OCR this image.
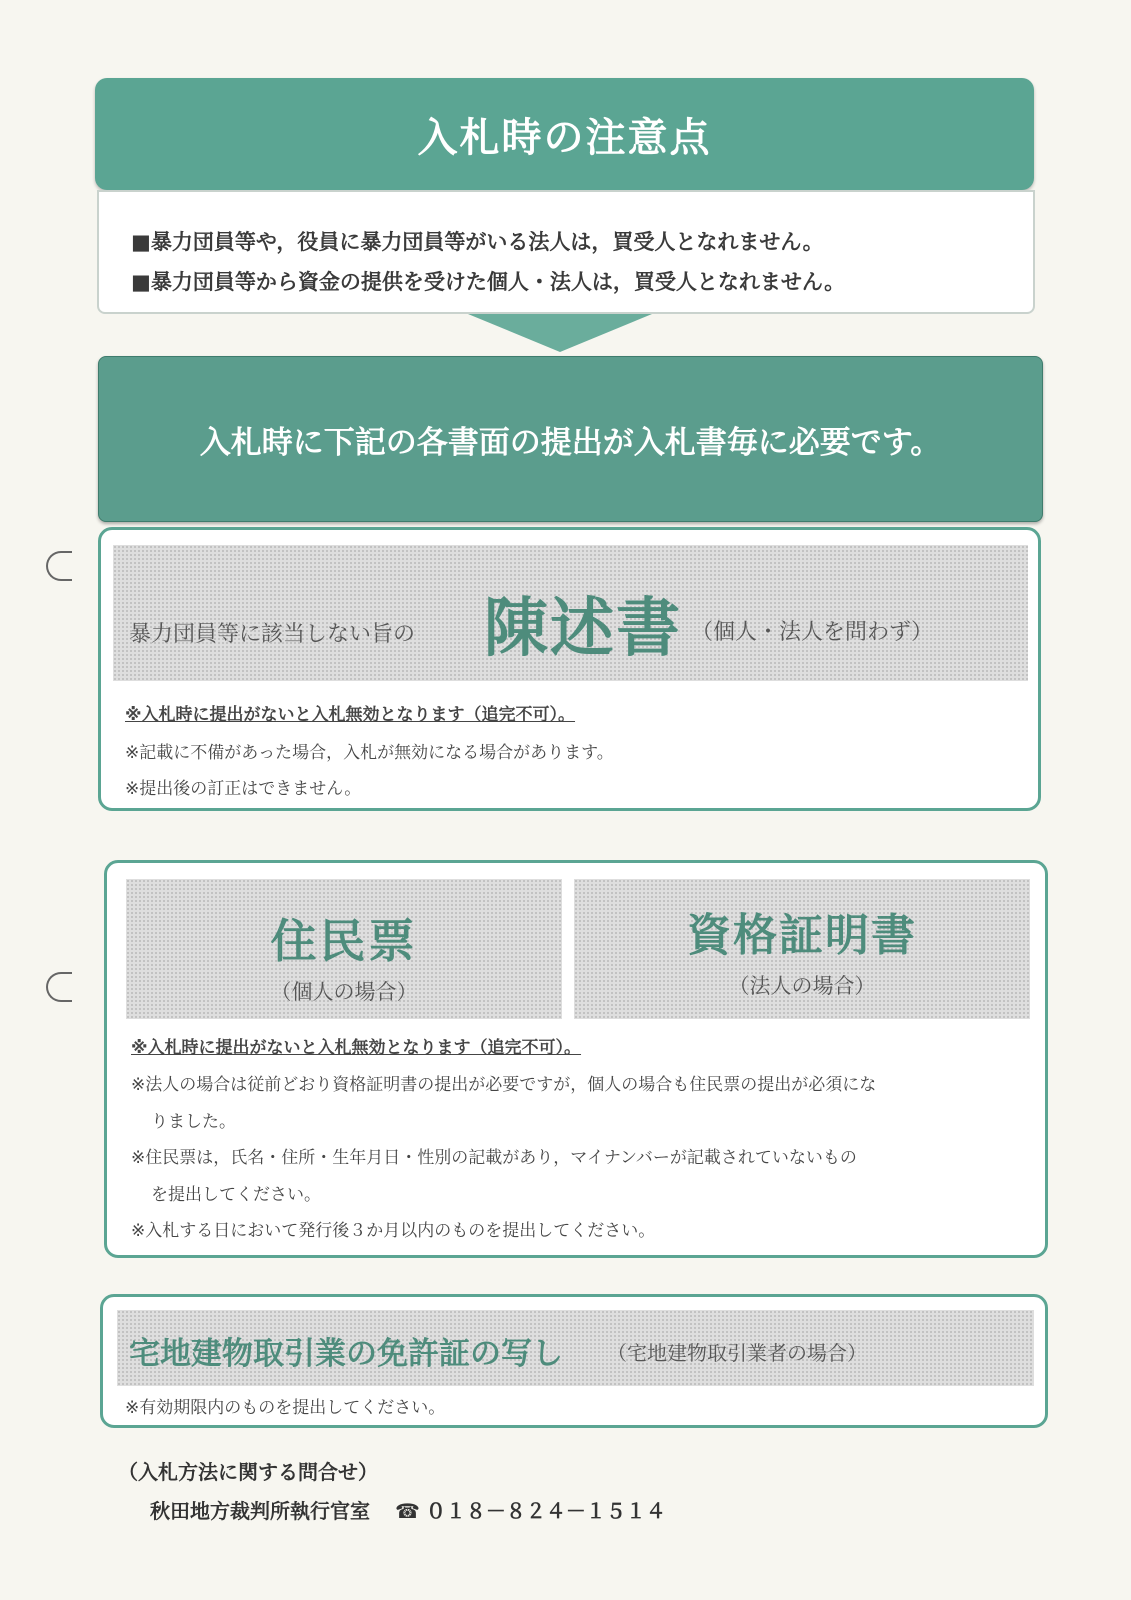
入札時の注意点
■暴力団員等や，役員に暴力団員等がいる法人は，買受人となれません。
■暴力団員等から資金の提供を受けた個人・法人は，買受人となれません。
入札時に下記の各書面の提出が入札書毎に必要です。
暴力団員等に該当しない旨の 陳述書 （個人・法人を問わず）
※入札時に提出がないと入札無効となります（追完不可）。
※記載に不備があった場合，入札が無効になる場合があります。
※提出後の訂正はできません。
住民票
（個人の場合）
資格証明書
（法人の場合）
※入札時に提出がないと入札無効となります（追完不可）。
※法人の場合は従前どおり資格証明書の提出が必要ですが，個人の場合も住民票の提出が必須にな
りました。
※住民票は，氏名・住所・生年月日・性別の記載があり，マイナンバーが記載されていないもの
を提出してください。
※入札する日において発行後３か月以内のものを提出してください。
宅地建物取引業の免許証の写し （宅地建物取引業者の場合）
※有効期限内のものを提出してください。
（入札方法に関する問合せ）
秋田地方裁判所執行官室 ☎ ０１８－８２４－１５１４
